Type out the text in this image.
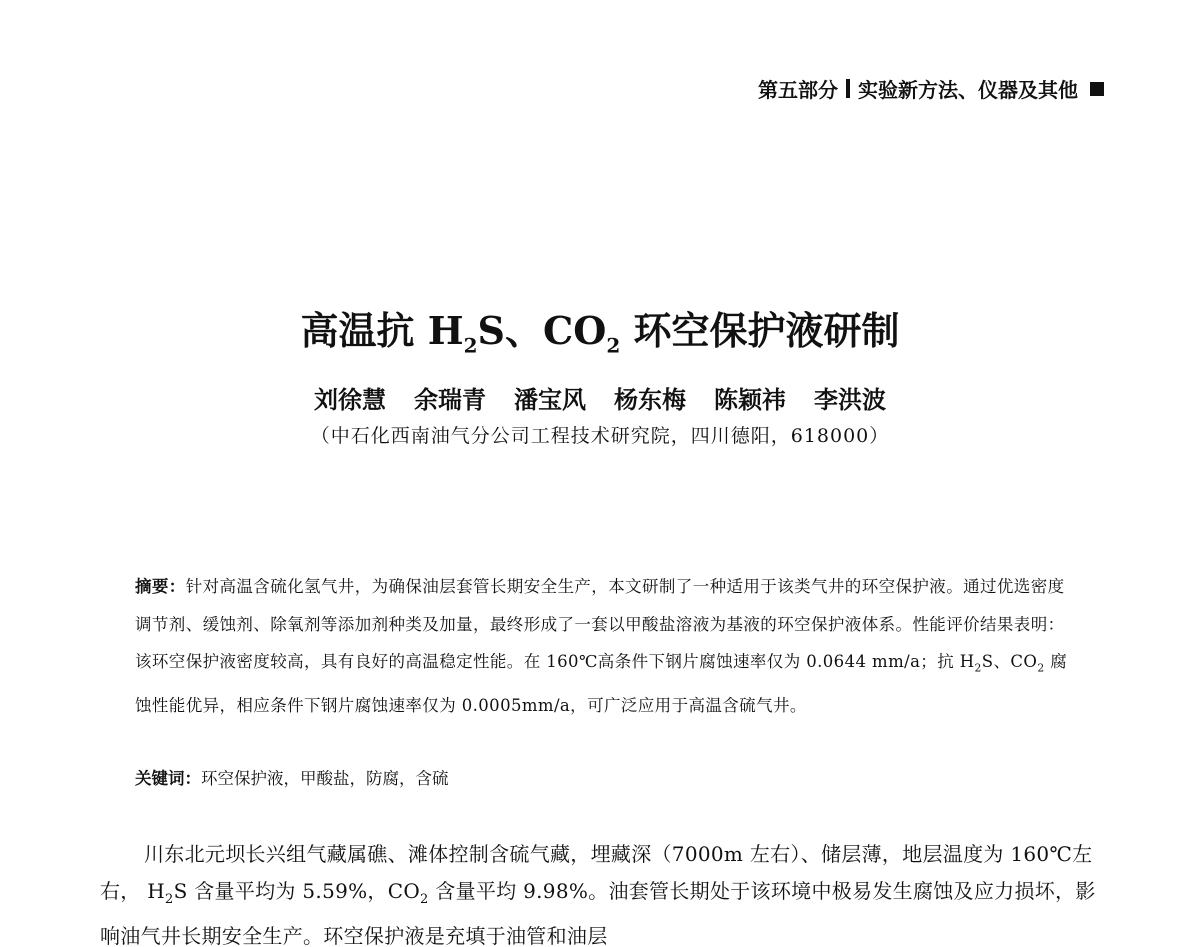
第五部分 实验新方法、仪器及其他
高温抗 $H_2S$、$CO_2$ 环空保护液研制
刘徐慧 余瑞青 潘宝风 杨东梅 陈颖祎 李洪波
（中石化西南油气分公司工程技术研究院，四川德阳，618000）
摘要：针对高温含硫化氢气井，为确保油层套管长期安全生产，本文研制了一种适用于该类气井的环空保护液。通过优选密度调节剂、缓蚀剂、除氧剂等添加剂种类及加量，最终形成了一套以甲酸盐溶液为基液的环空保护液体系。性能评价结果表明：该环空保护液密度较高，具有良好的高温稳定性能。在 160℃高条件下钢片腐蚀速率仅为 0.0644 mm/a；抗 $H_2S$、$CO_2$ 腐蚀性能优异，相应条件下钢片腐蚀速率仅为 0.0005mm/a，可广泛应用于高温含硫气井。
关键词：环空保护液，甲酸盐，防腐，含硫
川东北元坝长兴组气藏属礁、滩体控制含硫气藏，埋藏深（7000m 左右）、储层薄，地层温度为 160℃左右， $H_2S$ 含量平均为 5.59%，$CO_2$ 含量平均 9.98%。油套管长期处于该环境中极易发生腐蚀及应力损坏，影响油气井长期安全生产。环空保护液是充填于油管和油层
